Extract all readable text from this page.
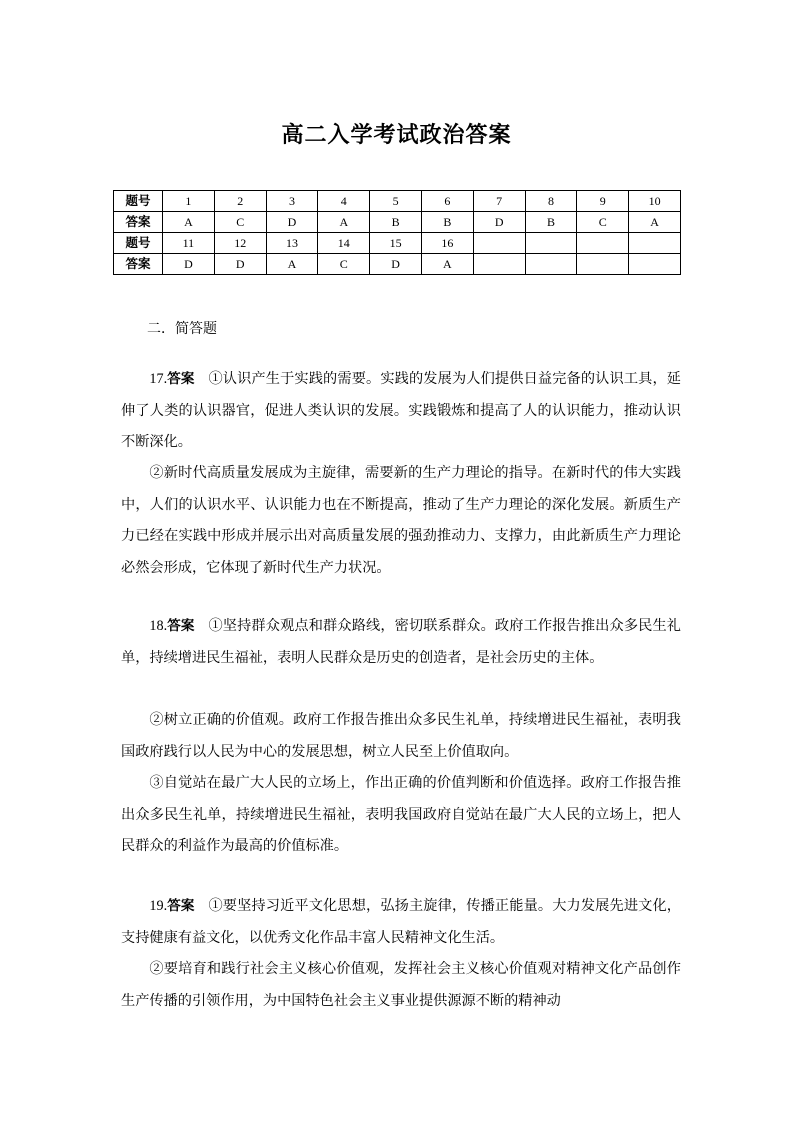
高二入学考试政治答案
题号	1	2	3	4	5	6	7	8	9	10
答案	A	C	D	A	B	B	D	B	C	A
题号	11	12	13	14	15	16				
答案	D	D	A	C	D	A				
二．简答题

17.答案 ①认识产生于实践的需要。实践的发展为人们提供日益完备的认识工具，延伸了人类的认识器官，促进人类认识的发展。实践锻炼和提高了人的认识能力，推动认识不断深化。

②新时代高质量发展成为主旋律，需要新的生产力理论的指导。在新时代的伟大实践中，人们的认识水平、认识能力也在不断提高，推动了生产力理论的深化发展。新质生产力已经在实践中形成并展示出对高质量发展的强劲推动力、支撑力，由此新质生产力理论必然会形成，它体现了新时代生产力状况。

18.答案 ①坚持群众观点和群众路线，密切联系群众。政府工作报告推出众多民生礼单，持续增进民生福祉，表明人民群众是历史的创造者，是社会历史的主体。

②树立正确的价值观。政府工作报告推出众多民生礼单，持续增进民生福祉，表明我国政府践行以人民为中心的发展思想，树立人民至上价值取向。

③自觉站在最广大人民的立场上，作出正确的价值判断和价值选择。政府工作报告推出众多民生礼单，持续增进民生福祉，表明我国政府自觉站在最广大人民的立场上，把人民群众的利益作为最高的价值标准。

19.答案 ①要坚持习近平文化思想，弘扬主旋律，传播正能量。大力发展先进文化，支持健康有益文化，以优秀文化作品丰富人民精神文化生活。

②要培育和践行社会主义核心价值观，发挥社会主义核心价值观对精神文化产品创作生产传播的引领作用，为中国特色社会主义事业提供源源不断的精神动
